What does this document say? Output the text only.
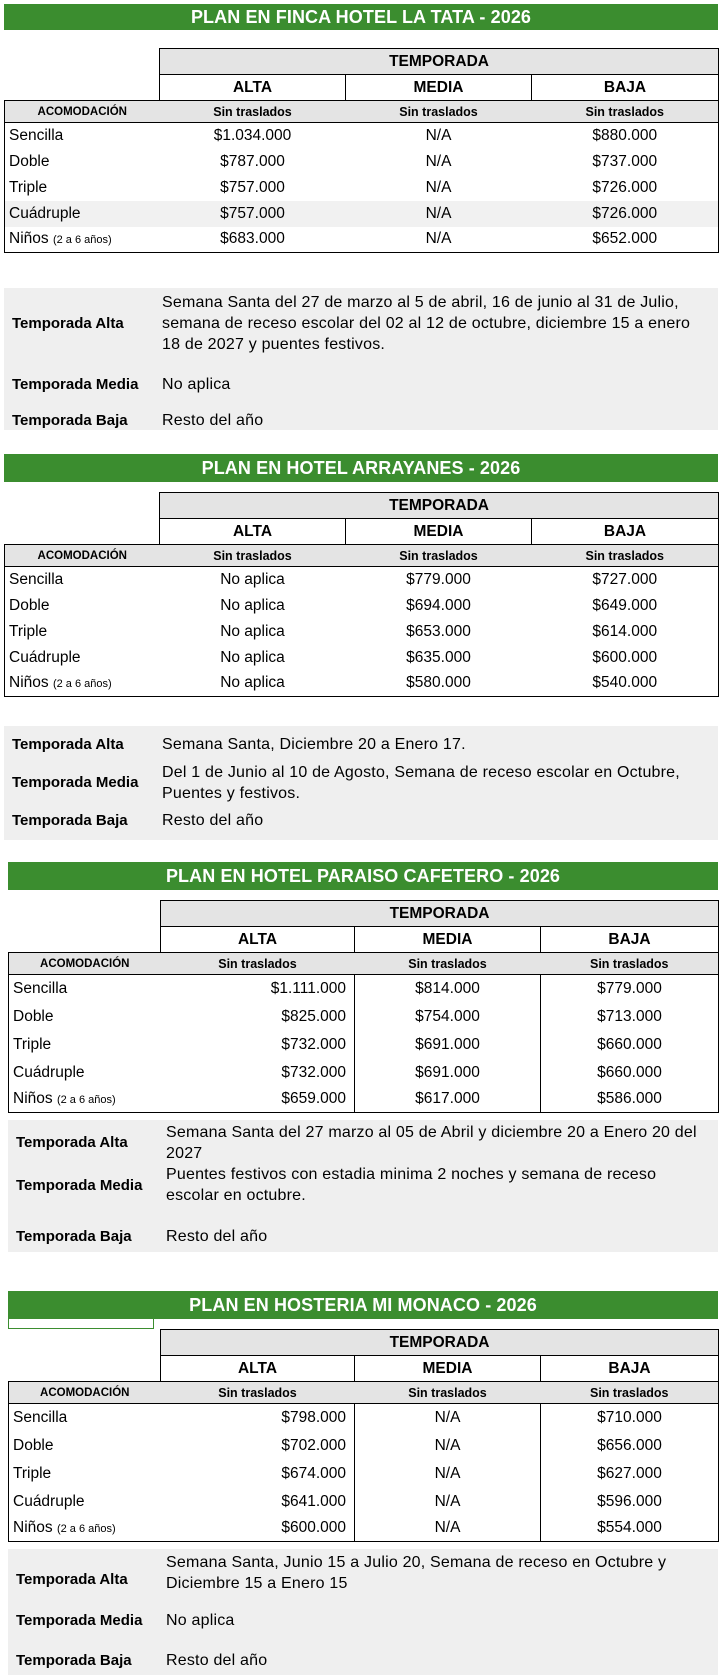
PLAN EN FINCA HOTEL LA TATA - 2026
	TEMPORADA		
	ALTA	MEDIA	BAJA
ACOMODACIÓN	Sin traslados	Sin traslados	Sin traslados
Sencilla	$1.034.000	N/A	$880.000
Doble	$787.000	N/A	$737.000
Triple	$757.000	N/A	$726.000
Cuádruple	$757.000	N/A	$726.000
Niños (2 a 6 años)	$683.000	N/A	$652.000
Temporada Alta
Semana Santa del 27 de marzo al 5 de abril, 16 de junio al 31 de Julio, semana de receso escolar del 02 al 12 de octubre, diciembre 15 a enero 18 de 2027 y puentes festivos.
Temporada Media No aplica
Temporada Baja Resto del año
PLAN EN HOTEL ARRAYANES - 2026
	TEMPORADA		
	ALTA	MEDIA	BAJA
ACOMODACIÓN	Sin traslados	Sin traslados	Sin traslados
Sencilla	No aplica	$779.000	$727.000
Doble	No aplica	$694.000	$649.000
Triple	No aplica	$653.000	$614.000
Cuádruple	No aplica	$635.000	$600.000
Niños (2 a 6 años)	No aplica	$580.000	$540.000
Temporada Alta Semana Santa, Diciembre 20 a Enero 17.
Temporada Media
Del 1 de Junio al 10 de Agosto, Semana de receso escolar en Octubre, Puentes y festivos.
Temporada Baja Resto del año
PLAN EN HOTEL PARAISO CAFETERO - 2026
	TEMPORADA		
	ALTA	MEDIA	BAJA
ACOMODACIÓN	Sin traslados	Sin traslados	Sin traslados
Sencilla	$1.111.000	$814.000	$779.000
Doble	$825.000	$754.000	$713.000
Triple	$732.000	$691.000	$660.000
Cuádruple	$732.000	$691.000	$660.000
Niños (2 a 6 años)	$659.000	$617.000	$586.000
Temporada Alta
Semana Santa del 27 marzo al 05 de Abril y diciembre 20 a Enero 20 del 2027
Temporada Media
Puentes festivos con estadia minima 2 noches y semana de receso escolar en octubre.
Temporada Baja Resto del año
PLAN EN HOSTERIA MI MONACO - 2026
	TEMPORADA		
	ALTA	MEDIA	BAJA
ACOMODACIÓN	Sin traslados	Sin traslados	Sin traslados
Sencilla	$798.000	N/A	$710.000
Doble	$702.000	N/A	$656.000
Triple	$674.000	N/A	$627.000
Cuádruple	$641.000	N/A	$596.000
Niños (2 a 6 años)	$600.000	N/A	$554.000
Temporada Alta
Semana Santa, Junio 15 a Julio 20, Semana de receso en Octubre y Diciembre 15 a Enero 15
Temporada Media No aplica
Temporada Baja Resto del año
